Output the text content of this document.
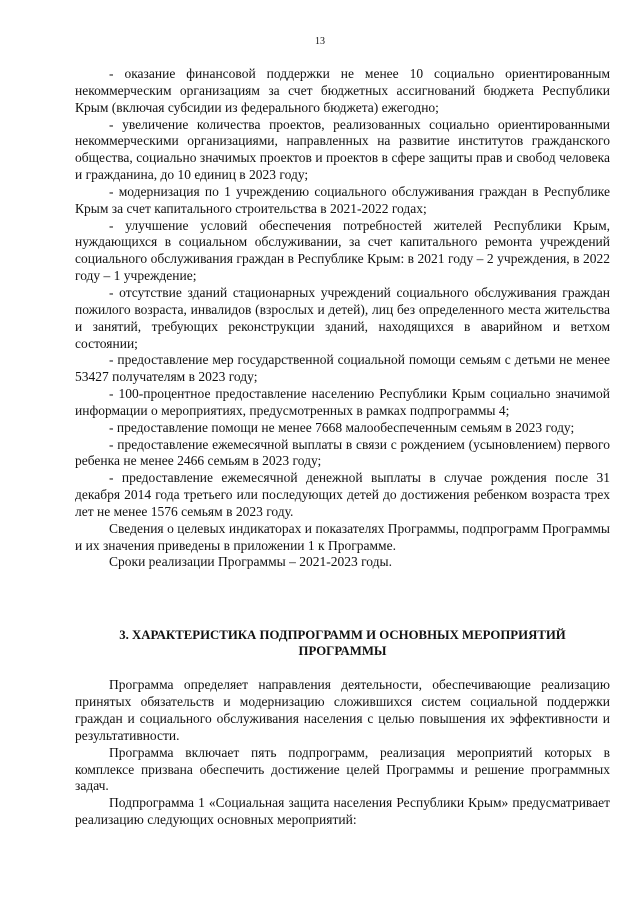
13

- оказание финансовой поддержки не менее 10 социально ориентированным некоммерческим организациям за счет бюджетных ассигнований бюджета Республики Крым (включая субсидии из федерального бюджета) ежегодно;

- увеличение количества проектов, реализованных социально ориентированными некоммерческими организациями, направленных на развитие институтов гражданского общества, социально значимых проектов и проектов в сфере защиты прав и свобод человека и гражданина, до 10 единиц в 2023 году;

- модернизация по 1 учреждению социального обслуживания граждан в Республике Крым за счет капитального строительства в 2021-2022 годах;

- улучшение условий обеспечения потребностей жителей Республики Крым, нуждающихся в социальном обслуживании, за счет капитального ремонта учреждений социального обслуживания граждан в Республике Крым: в 2021 году – 2 учреждения, в 2022 году – 1 учреждение;

- отсутствие зданий стационарных учреждений социального обслуживания граждан пожилого возраста, инвалидов (взрослых и детей), лиц без определенного места жительства и занятий, требующих реконструкции зданий, находящихся в аварийном и ветхом состоянии;

- предоставление мер государственной социальной помощи семьям с детьми не менее 53427 получателям в 2023 году;

- 100-процентное предоставление населению Республики Крым социально значимой информации о мероприятиях, предусмотренных в рамках подпрограммы 4;

- предоставление помощи не менее 7668 малообеспеченным семьям в 2023 году;

- предоставление ежемесячной выплаты в связи с рождением (усыновлением) первого ребенка не менее 2466 семьям в 2023 году;

- предоставление ежемесячной денежной выплаты в случае рождения после 31 декабря 2014 года третьего или последующих детей до достижения ребенком возраста трех лет не менее 1576 семьям в 2023 году.

Сведения о целевых индикаторах и показателях Программы, подпрограмм Программы и их значения приведены в приложении 1 к Программе.

Сроки реализации Программы – 2021-2023 годы.

3. ХАРАКТЕРИСТИКА ПОДПРОГРАММ И ОСНОВНЫХ МЕРОПРИЯТИЙ ПРОГРАММЫ

Программа определяет направления деятельности, обеспечивающие реализацию принятых обязательств и модернизацию сложившихся систем социальной поддержки граждан и социального обслуживания населения с целью повышения их эффективности и результативности.

Программа включает пять подпрограмм, реализация мероприятий которых в комплексе призвана обеспечить достижение целей Программы и решение программных задач.

Подпрограмма 1 «Социальная защита населения Республики Крым» предусматривает реализацию следующих основных мероприятий:
